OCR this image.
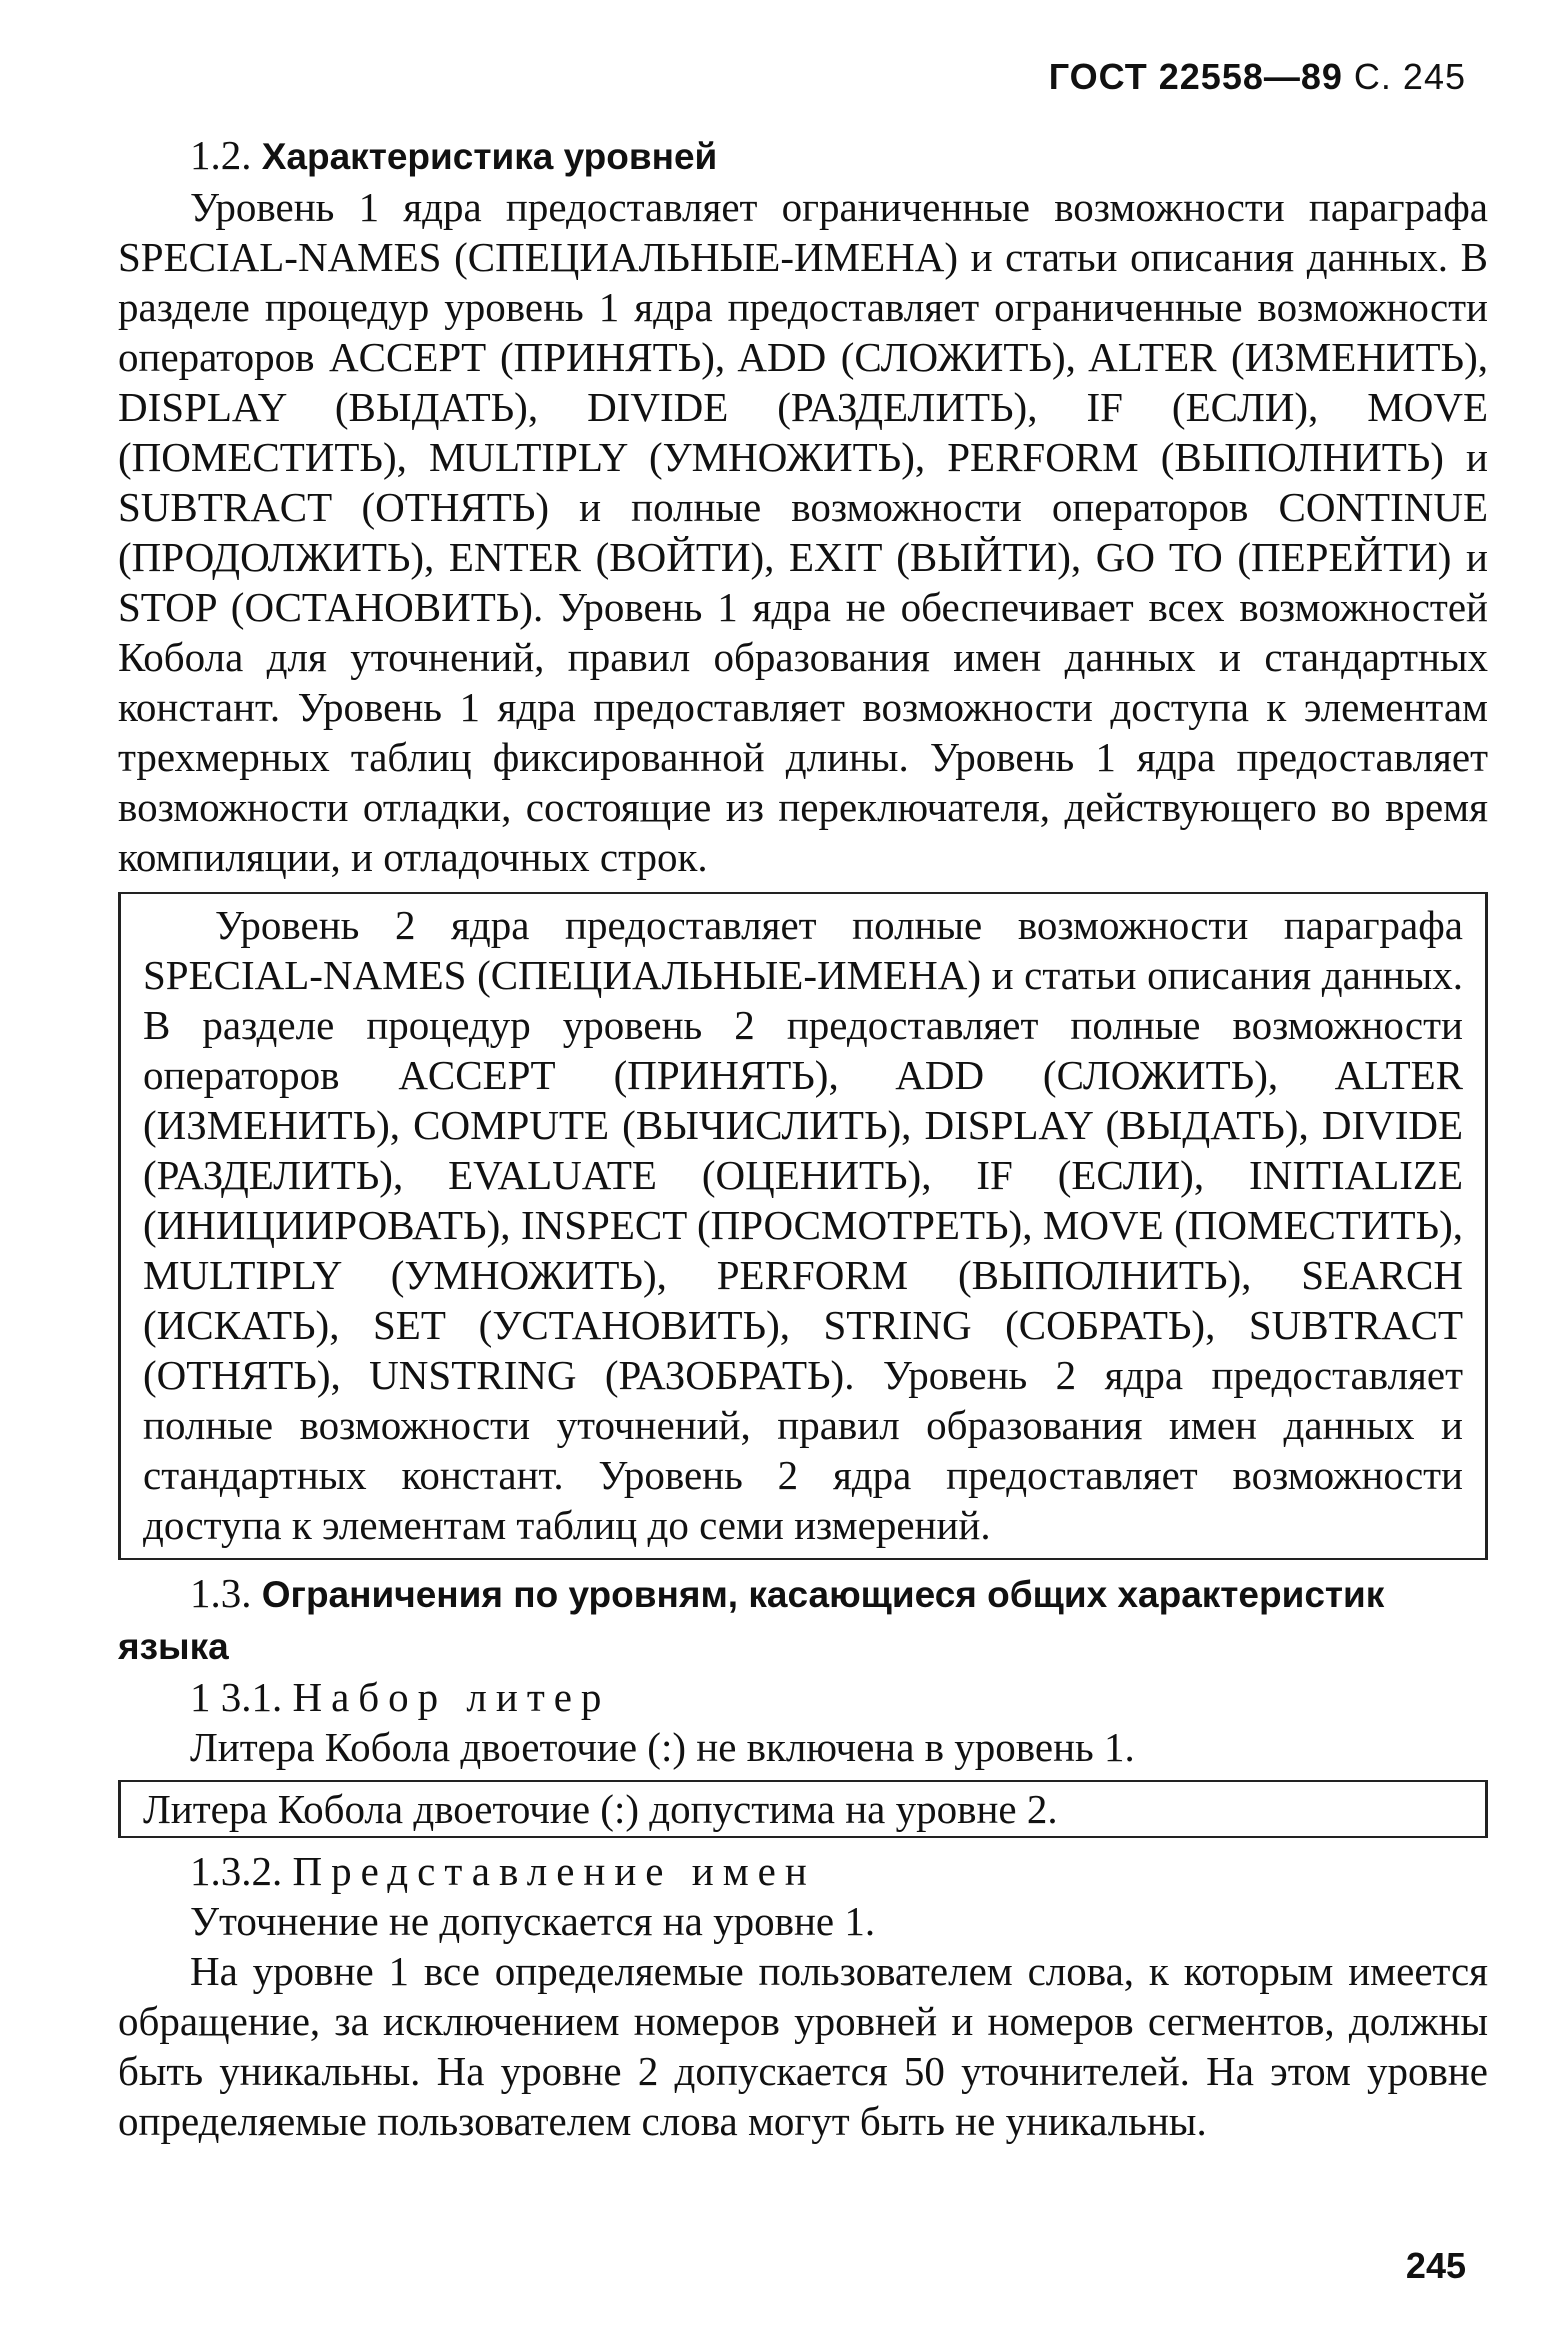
ГОСТ 22558—89 С. 245

1.2. Характеристика уровней

Уровень 1 ядра предоставляет ограниченные возможности параграфа SPECIAL-NAMES (СПЕЦИАЛЬНЫЕ-ИМЕНА) и статьи описания данных. В разделе процедур уровень 1 ядра предоставляет ограниченные возможности операторов ACCEPT (ПРИНЯТЬ), ADD (СЛОЖИТЬ), ALTER (ИЗМЕНИТЬ), DISPLAY (ВЫДАТЬ), DIVIDE (РАЗДЕЛИТЬ), IF (ЕСЛИ), MOVE (ПОМЕСТИТЬ), MULTIPLY (УМНОЖИТЬ), PERFORM (ВЫПОЛНИТЬ) и SUBTRACT (ОТНЯТЬ) и полные возможности операторов CONTINUE (ПРОДОЛЖИТЬ), ENTER (ВОЙТИ), EXIT (ВЫЙТИ), GO TO (ПЕРЕЙТИ) и STOP (ОСТАНОВИТЬ). Уровень 1 ядра не обеспечивает всех возможностей Кобола для уточнений, правил образования имен данных и стандартных констант. Уровень 1 ядра предоставляет возможности доступа к элементам трехмерных таблиц фиксированной длины. Уровень 1 ядра предоставляет возможности отладки, состоящие из переключателя, действующего во время компиляции, и отладочных строк.

Уровень 2 ядра предоставляет полные возможности параграфа SPECIAL-NAMES (СПЕЦИАЛЬНЫЕ-ИМЕНА) и статьи описания данных. В разделе процедур уровень 2 предоставляет полные возможности операторов ACCEPT (ПРИНЯТЬ), ADD (СЛОЖИТЬ), ALTER (ИЗМЕНИТЬ), COMPUTE (ВЫЧИСЛИТЬ), DISPLAY (ВЫДАТЬ), DIVIDE (РАЗДЕЛИТЬ), EVALUATE (ОЦЕНИТЬ), IF (ЕСЛИ), INITIALIZE (ИНИЦИИРОВАТЬ), INSPECT (ПРОСМОТРЕТЬ), MOVE (ПОМЕСТИТЬ), MULTIPLY (УМНОЖИТЬ), PERFORM (ВЫПОЛНИТЬ), SEARCH (ИСКАТЬ), SET (УСТАНОВИТЬ), STRING (СОБРАТЬ), SUBTRACT (ОТНЯТЬ), UNSTRING (РАЗОБРАТЬ). Уровень 2 ядра предоставляет полные возможности уточнений, правил образования имен данных и стандартных констант. Уровень 2 ядра предоставляет возможности доступа к элементам таблиц до семи измерений.

1.3. Ограничения по уровням, касающиеся общих характеристик языка

1 3.1. Набор литер

Литера Кобола двоеточие (:) не включена в уровень 1.

Литера Кобола двоеточие (:) допустима на уровне 2.

1.3.2. Представление имен

Уточнение не допускается на уровне 1.

На уровне 1 все определяемые пользователем слова, к которым имеется обращение, за исключением номеров уровней и номеров сегментов, должны быть уникальны. На уровне 2 допускается 50 уточнителей. На этом уровне определяемые пользователем слова могут быть не уникальны.

245
